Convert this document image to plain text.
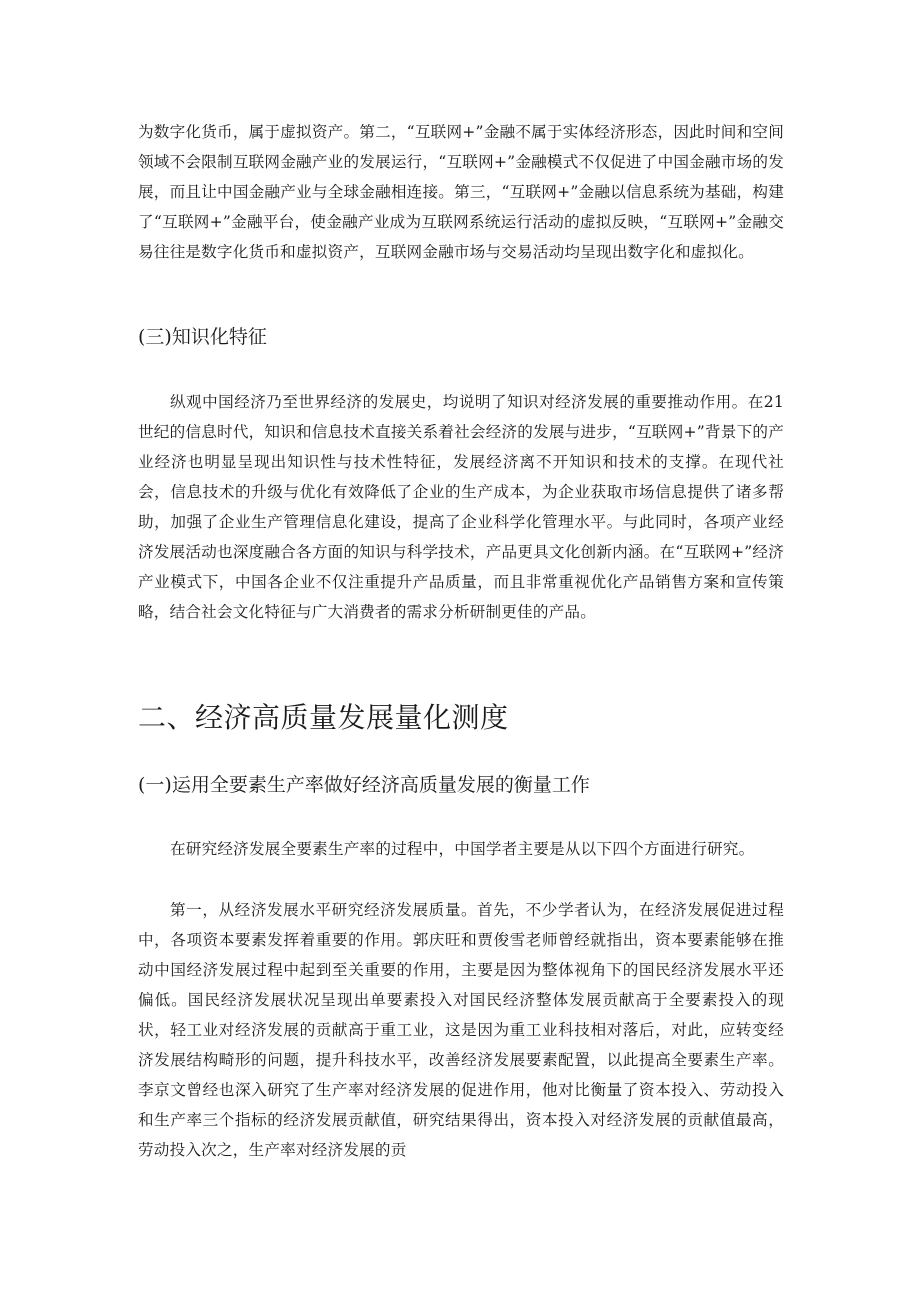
为数字化货币，属于虚拟资产。第二，“互联网+”金融不属于实体经济形态，因此时间和空间领域不会限制互联网金融产业的发展运行，“互联网+”金融模式不仅促进了中国金融市场的发展，而且让中国金融产业与全球金融相连接。第三，“互联网+”金融以信息系统为基础，构建了“互联网+”金融平台，使金融产业成为互联网系统运行活动的虚拟反映，“互联网+”金融交易往往是数字化货币和虚拟资产，互联网金融市场与交易活动均呈现出数字化和虚拟化。

(三)知识化特征

纵观中国经济乃至世界经济的发展史，均说明了知识对经济发展的重要推动作用。在21世纪的信息时代，知识和信息技术直接关系着社会经济的发展与进步，“互联网+”背景下的产业经济也明显呈现出知识性与技术性特征，发展经济离不开知识和技术的支撑。在现代社会，信息技术的升级与优化有效降低了企业的生产成本，为企业获取市场信息提供了诸多帮助，加强了企业生产管理信息化建设，提高了企业科学化管理水平。与此同时，各项产业经济发展活动也深度融合各方面的知识与科学技术，产品更具文化创新内涵。在“互联网+”经济产业模式下，中国各企业不仅注重提升产品质量，而且非常重视优化产品销售方案和宣传策略，结合社会文化特征与广大消费者的需求分析研制更佳的产品。

二、经济高质量发展量化测度
(一)运用全要素生产率做好经济高质量发展的衡量工作

在研究经济发展全要素生产率的过程中，中国学者主要是从以下四个方面进行研究。

第一，从经济发展水平研究经济发展质量。首先，不少学者认为，在经济发展促进过程中，各项资本要素发挥着重要的作用。郭庆旺和贾俊雪老师曾经就指出，资本要素能够在推动中国经济发展过程中起到至关重要的作用，主要是因为整体视角下的国民经济发展水平还偏低。国民经济发展状况呈现出单要素投入对国民经济整体发展贡献高于全要素投入的现状，轻工业对经济发展的贡献高于重工业，这是因为重工业科技相对落后，对此，应转变经济发展结构畸形的问题，提升科技水平，改善经济发展要素配置，以此提高全要素生产率。李京文曾经也深入研究了生产率对经济发展的促进作用，他对比衡量了资本投入、劳动投入和生产率三个指标的经济发展贡献值，研究结果得出，资本投入对经济发展的贡献值最高，劳动投入次之，生产率对经济发展的贡
